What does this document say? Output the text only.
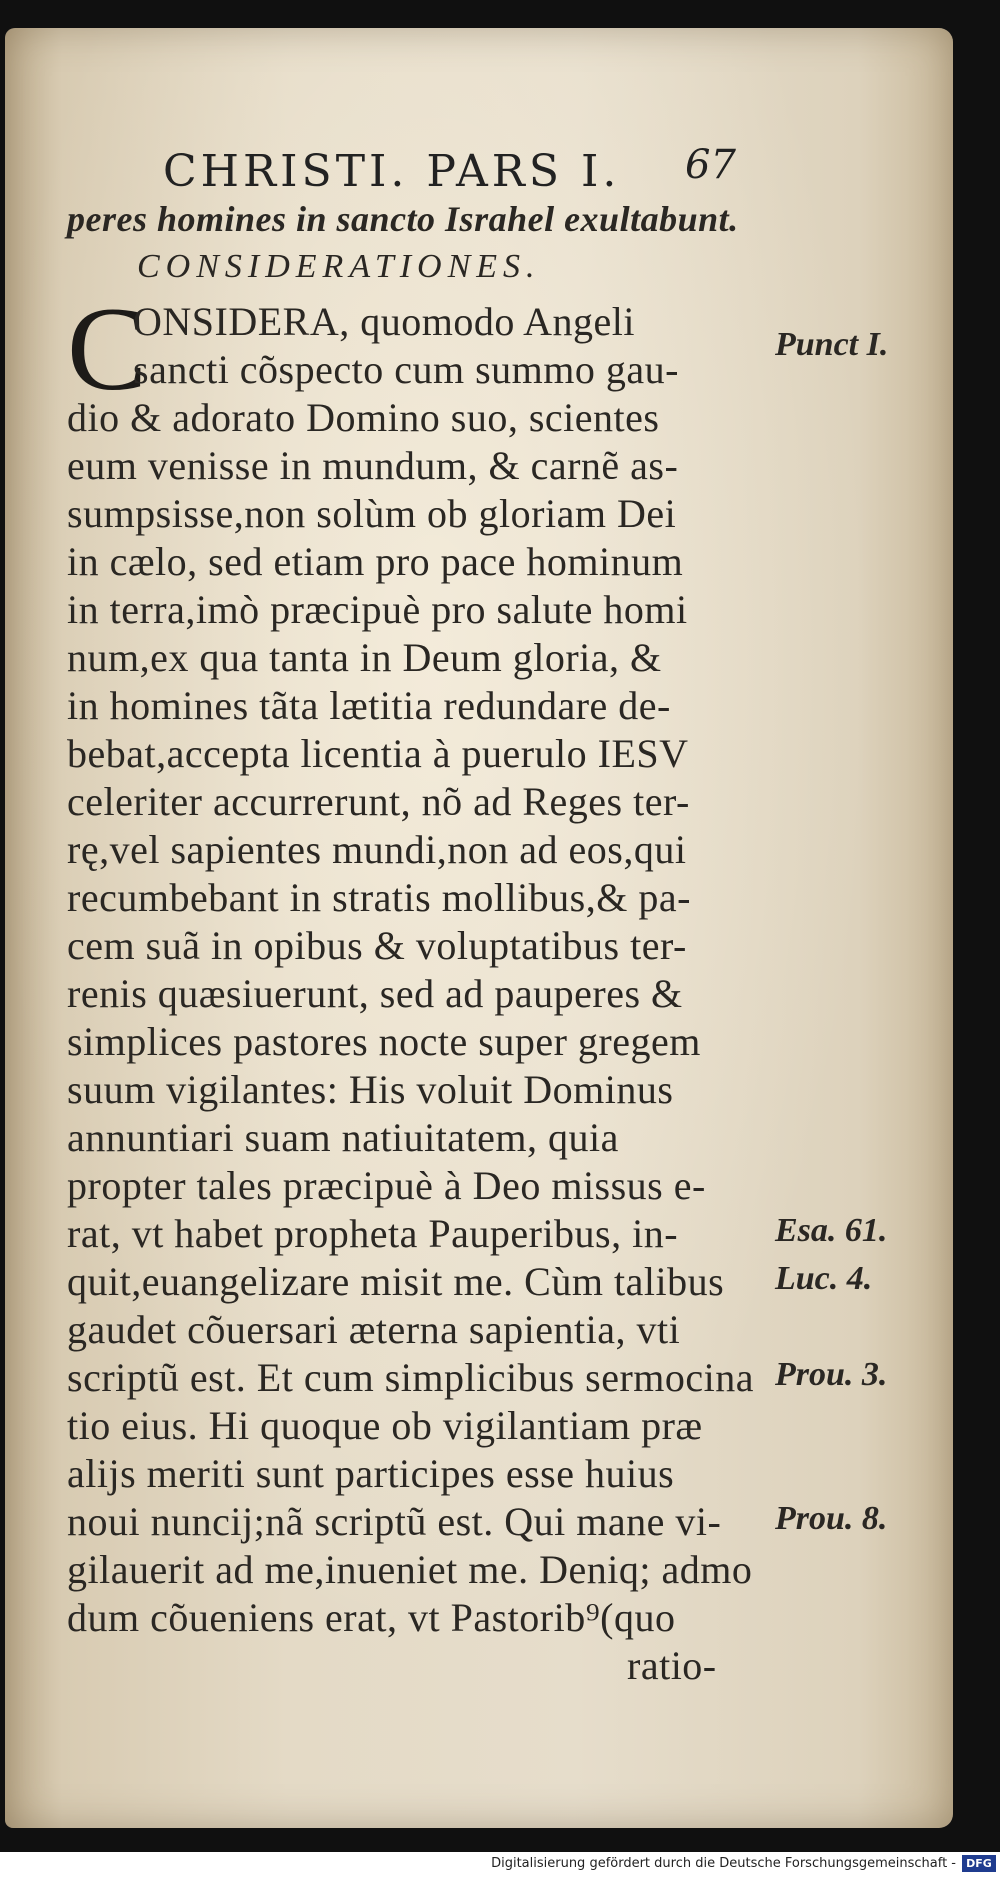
CHRISTI. PARS I. 67
peres homines in sancto Israhel exultabunt.
CONSIDERATIONES.
C
ONSIDERA, quomodo Angeli
sancti cõspecto cum summo gau-
dio & adorato Domino suo, scientes
eum venisse in mundum, & carnẽ as-
sumpsisse,non solùm ob gloriam Dei
in cælo, sed etiam pro pace hominum
in terra,imò præcipuè pro salute homi
num,ex qua tanta in Deum gloria, &
in homines tãta lætitia redundare de-
bebat,accepta licentia à puerulo IESV
celeriter accurrerunt, nõ ad Reges ter-
rę,vel sapientes mundi,non ad eos,qui
recumbebant in stratis mollibus,& pa-
cem suã in opibus & voluptatibus ter-
renis quæsiuerunt, sed ad pauperes &
simplices pastores nocte super gregem
suum vigilantes: His voluit Dominus
annuntiari suam natiuitatem, quia
propter tales præcipuè à Deo missus e-
rat, vt habet propheta Pauperibus, in-
quit,euangelizare misit me. Cùm talibus
gaudet cõuersari æterna sapientia, vti
scriptũ est. Et cum simplicibus sermocina
tio eius. Hi quoque ob vigilantiam præ
alijs meriti sunt participes esse huius
noui nuncij;nã scriptũ est. Qui mane vi-
gilauerit ad me,inueniet me. Deniq; admo
dum cõueniens erat, vt Pastorib⁹(quo
ratio-
Punct I.
Esa. 61.
Luc. 4.
Prou. 3.
Prou. 8.
Digitalisierung gefördert durch die Deutsche Forschungsgemeinschaft - DFG
